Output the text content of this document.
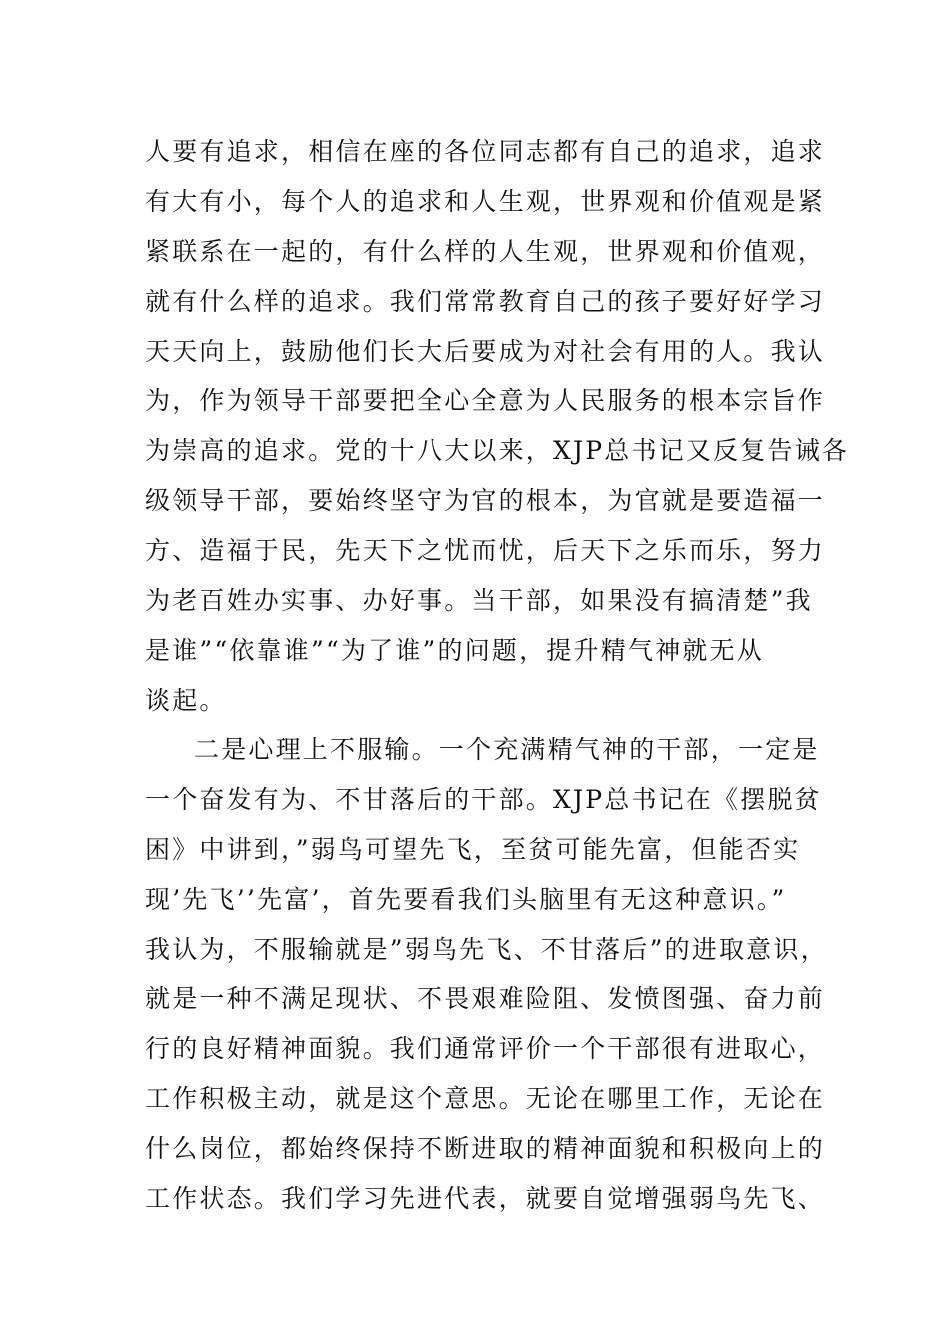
人要有追求，相信在座的各位同志都有自己的追求，追求
有大有小，每个人的追求和人生观，世界观和价值观是紧
紧联系在一起的，有什么样的人生观，世界观和价值观，
就有什么样的追求。我们常常教育自己的孩子要好好学习
天天向上，鼓励他们长大后要成为对社会有用的人。我认
为，作为领导干部要把全心全意为人民服务的根本宗旨作
为崇高的追求。党的十八大以来，XJP总书记又反复告诫各
级领导干部，要始终坚守为官的根本，为官就是要造福一
方、造福于民，先天下之忧而忧，后天下之乐而乐，努力
为老百姓办实事、办好事。当干部，如果没有搞清楚”我
是谁”“依靠谁”“为了谁”的问题，提升精气神就无从
谈起。
二是心理上不服输。一个充满精气神的干部，一定是
一个奋发有为、不甘落后的干部。XJP总书记在《摆脱贫
困》中讲到，”弱鸟可望先飞，至贫可能先富，但能否实
现’先飞’’先富’，首先要看我们头脑里有无这种意识。”
我认为，不服输就是”弱鸟先飞、不甘落后”的进取意识，
就是一种不满足现状、不畏艰难险阻、发愤图强、奋力前
行的良好精神面貌。我们通常评价一个干部很有进取心，
工作积极主动，就是这个意思。无论在哪里工作，无论在
什么岗位，都始终保持不断进取的精神面貌和积极向上的
工作状态。我们学习先进代表，就要自觉增强弱鸟先飞、
